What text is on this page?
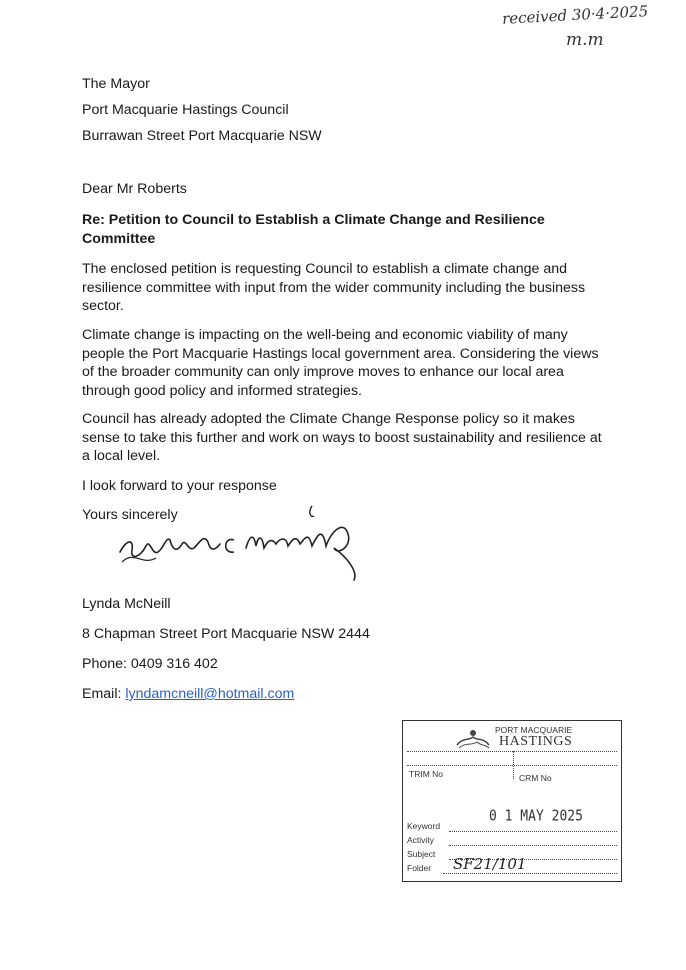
received 30·4·2025
m.m
The Mayor
Port Macquarie Hastings Council
Burrawan Street Port Macquarie NSW
Dear Mr Roberts
Re: Petition to Council to Establish a Climate Change and Resilience Committee
The enclosed petition is requesting Council to establish a climate change and resilience committee with input from the wider community including the business sector.
Climate change is impacting on the well-being and economic viability of many people the Port Macquarie Hastings local government area. Considering the views of the broader community can only improve moves to enhance our local area through good policy and informed strategies.
Council has already adopted the Climate Change Response policy so it makes sense to take this further and work on ways to boost sustainability and resilience at a local level.
I look forward to your response
Yours sincerely
Lynda McNeill
8 Chapman Street Port Macquarie NSW 2444
Phone: 0409 316 402
Email: lyndamcneill@hotmail.com
PORT MACQUARIE
HASTINGS
TRIM No	CRM No
0 1 MAY 2025
Keyword
Activity
Subject
Folder SF21/101
